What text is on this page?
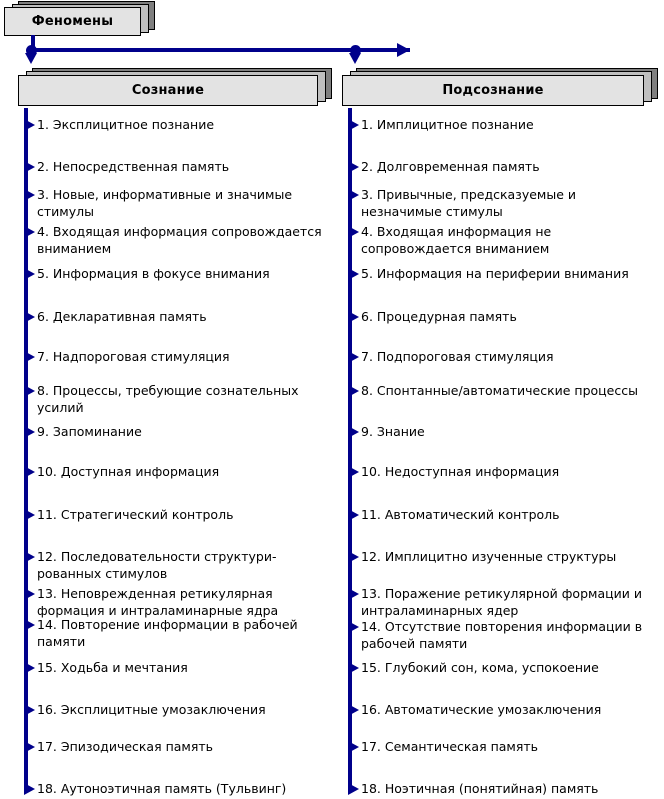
Феномены
Сознание	Подсознание
1. Эксплицитное познание
2. Непосредственная память
3. Новые, информативные и значимые стимулы
4. Входящая информация сопровождается вниманием
5. Информация в фокусе внимания
6. Декларативная память
7. Надпороговая стимуляция
8. Процессы, требующие сознательных усилий
9. Запоминание
10. Доступная информация
11. Стратегический контроль
12. Последовательности структури-рованных стимулов
13. Неповрежденная ретикулярная формация и интраламинарные ядра
14. Повторение информации в рабочей памяти
15. Ходьба и мечтания
16. Эксплицитные умозаключения
17. Эпизодическая память
18. Аутоноэтичная память (Тульвинг)
1. Имплицитное познание
2. Долговременная память
3. Привычные, предсказуемые и незначимые стимулы
4. Входящая информация не сопровождается вниманием
5. Информация на периферии внимания
6. Процедурная память
7. Подпороговая стимуляция
8. Спонтанные/автоматические процессы
9. Знание
10. Недоступная информация
11. Автоматический контроль
12. Имплицитно изученные структуры
13. Поражение ретикулярной формации и интраламинарных ядер
14. Отсутствие повторения информации в рабочей памяти
15. Глубокий сон, кома, успокоение
16. Автоматические умозаключения
17. Семантическая память
18. Ноэтичная (понятийная) память
